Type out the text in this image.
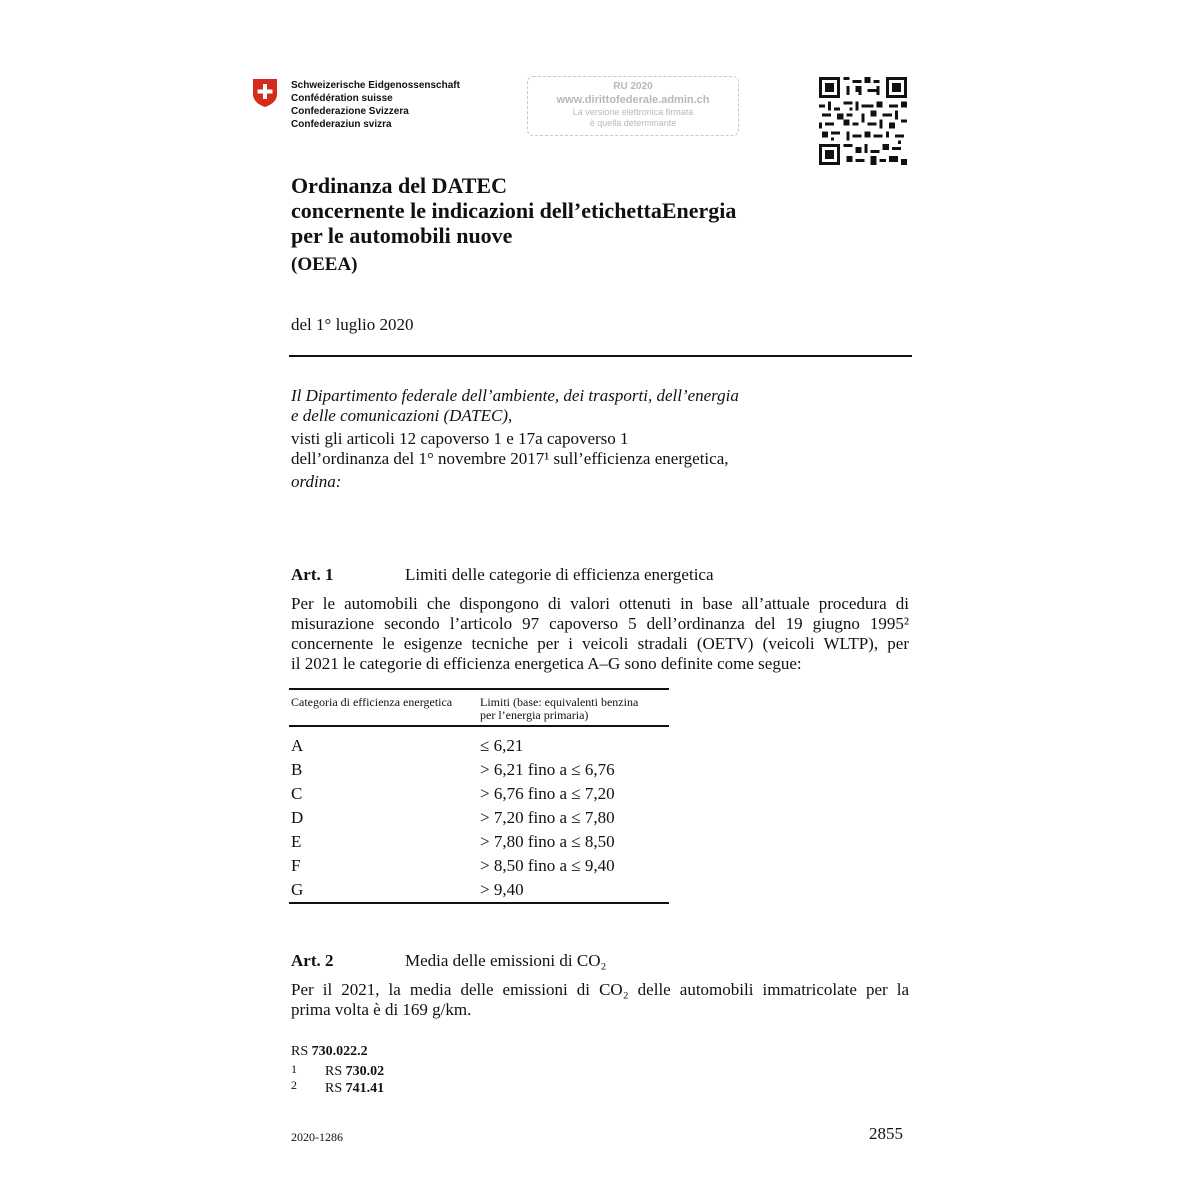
Schweizerische Eidgenossenschaft
Confédération suisse
Confederazione Svizzera
Confederaziun svizra
RU 2020
www.dirittofederale.admin.ch
La versione elettronica firmata
è quella determinante
Ordinanza del DATEC
concernente le indicazioni dell’etichettaEnergia
per le automobili nuove
(OEEA)
del 1° luglio 2020
Il Dipartimento federale dell’ambiente, dei trasporti, dell’energia
e delle comunicazioni (DATEC),
visti gli articoli 12 capoverso 1 e 17a capoverso 1
dell’ordinanza del 1° novembre 2017¹ sull’efficienza energetica,
ordina:
Art. 1	Limiti delle categorie di efficienza energetica
Per le automobili che dispongono di valori ottenuti in base all’attuale procedura di
misurazione secondo l’articolo 97 capoverso 5 dell’ordinanza del 19 giugno 1995²
concernente le esigenze tecniche per i veicoli stradali (OETV) (veicoli WLTP), per
il 2021 le categorie di efficienza energetica A–G sono definite come segue:
Categoria di efficienza energetica	Limiti (base: equivalenti benzina
per l’energia primaria)
A	≤ 6,21
B	> 6,21 fino a ≤ 6,76
C	> 6,76 fino a ≤ 7,20
D	> 7,20 fino a ≤ 7,80
E	> 7,80 fino a ≤ 8,50
F	> 8,50 fino a ≤ 9,40
G	> 9,40
Art. 2	Media delle emissioni di CO₂
Per il 2021, la media delle emissioni di CO₂ delle automobili immatricolate per la
prima volta è di 169 g/km.
RS 730.022.2
1 RS 730.02
2 RS 741.41
2020-1286	2855
